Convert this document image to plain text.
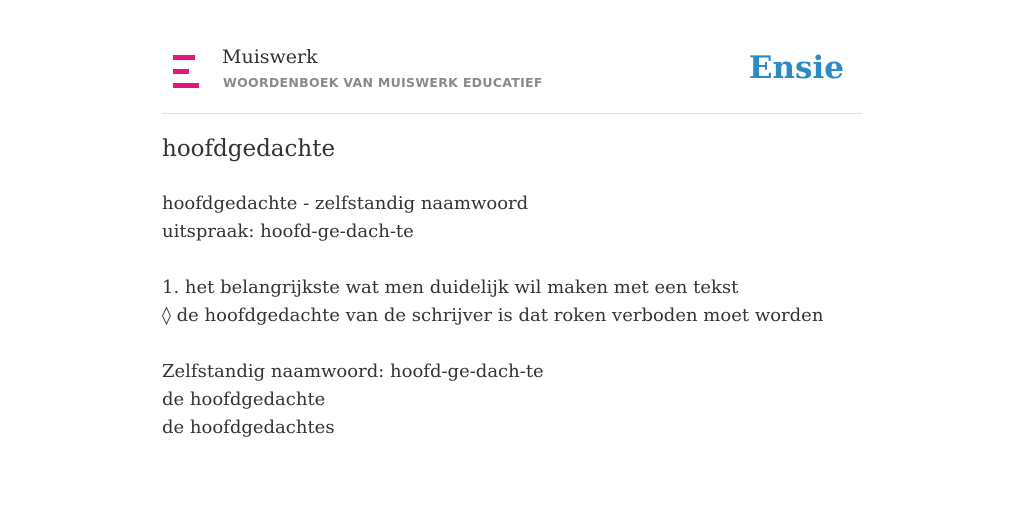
Muiswerk
WOORDENBOEK VAN MUISWERK EDUCATIEF	Ensie
hoofdgedachte
hoofdgedachte - zelfstandig naamwoord
uitspraak: hoofd-ge-dach-te
1. het belangrijkste wat men duidelijk wil maken met een tekst
◊ de hoofdgedachte van de schrijver is dat roken verboden moet worden
Zelfstandig naamwoord: hoofd-ge-dach-te
de hoofdgedachte
de hoofdgedachtes
